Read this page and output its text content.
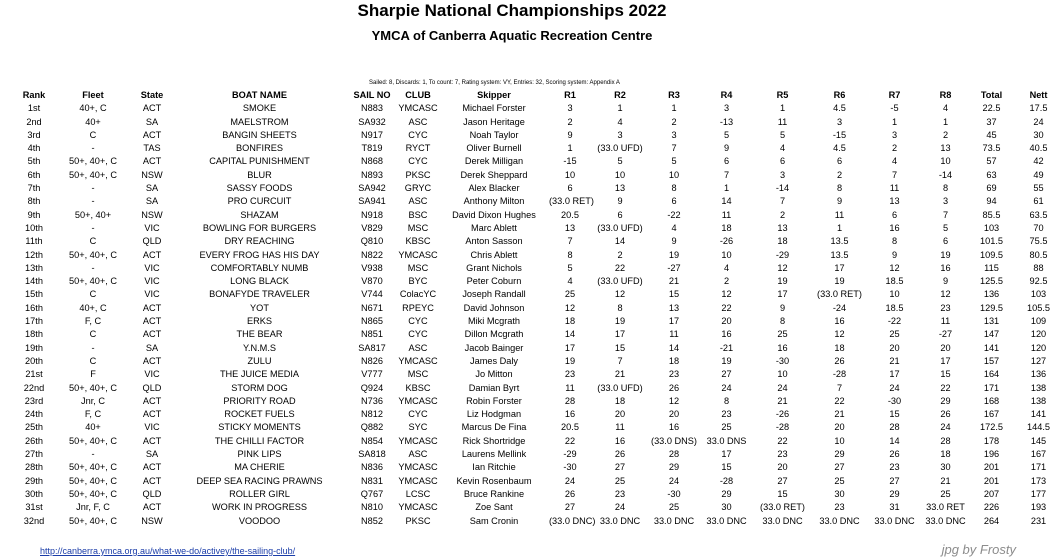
Sharpie National Championships 2022
YMCA of Canberra Aquatic Recreation Centre
Sailed: 8, Discards: 1, To count: 7, Rating system: VY, Entries: 32, Scoring system: Appendix A
Rank	Fleet	State	BOAT NAME	SAIL NO	CLUB	Skipper	R1	R2	R3	R4	R5	R6	R7	R8	Total	Nett
1st	40+, C	ACT	SMOKE	N883	YMCASC	Michael Forster	3	1	1	3	1	4.5	-5	4	22.5	17.5
2nd	40+	SA	MAELSTROM	SA932	ASC	Jason Heritage	2	4	2	-13	11	3	1	1	37	24
3rd	C	ACT	BANGIN SHEETS	N917	CYC	Noah Taylor	9	3	3	5	5	-15	3	2	45	30
4th	-	TAS	BONFIRES	T819	RYCT	Oliver Burnell	1	(33.0 UFD)	7	9	4	4.5	2	13	73.5	40.5
5th	50+, 40+, C	ACT	CAPITAL PUNISHMENT	N868	CYC	Derek Milligan	-15	5	5	6	6	6	4	10	57	42
6th	50+, 40+, C	NSW	BLUR	N893	PKSC	Derek Sheppard	10	10	10	7	3	2	7	-14	63	49
7th	-	SA	SASSY FOODS	SA942	GRYC	Alex Blacker	6	13	8	1	-14	8	11	8	69	55
8th	-	SA	PRO CURCUIT	SA941	ASC	Anthony Milton	(33.0 RET)	9	6	14	7	9	13	3	94	61
9th	50+, 40+	NSW	SHAZAM	N918	BSC	David Dixon Hughes	20.5	6	-22	11	2	11	6	7	85.5	63.5
10th	-	VIC	BOWLING FOR BURGERS	V829	MSC	Marc Ablett	13	(33.0 UFD)	4	18	13	1	16	5	103	70
11th	C	QLD	DRY REACHING	Q810	KBSC	Anton Sasson	7	14	9	-26	18	13.5	8	6	101.5	75.5
12th	50+, 40+, C	ACT	EVERY FROG HAS HIS DAY	N822	YMCASC	Chris Ablett	8	2	19	10	-29	13.5	9	19	109.5	80.5
13th	-	VIC	COMFORTABLY NUMB	V938	MSC	Grant Nichols	5	22	-27	4	12	17	12	16	115	88
14th	50+, 40+, C	VIC	LONG BLACK	V870	BYC	Peter Coburn	4	(33.0 UFD)	21	2	19	19	18.5	9	125.5	92.5
15th	C	VIC	BONAFYDE TRAVELER	V744	ColacYC	Joseph Randall	25	12	15	12	17	(33.0 RET)	10	12	136	103
16th	40+, C	ACT	YOT	N671	RPEYC	David Johnson	12	8	13	22	9	-24	18.5	23	129.5	105.5
17th	F, C	ACT	ERKS	N865	CYC	Miki Mcgrath	18	19	17	20	8	16	-22	11	131	109
18th	C	ACT	THE BEAR	N851	CYC	Dillon Mcgrath	14	17	11	16	25	12	25	-27	147	120
19th	-	SA	Y.N.M.S	SA817	ASC	Jacob Bainger	17	15	14	-21	16	18	20	20	141	120
20th	C	ACT	ZULU	N826	YMCASC	James Daly	19	7	18	19	-30	26	21	17	157	127
21st	F	VIC	THE JUICE MEDIA	V777	MSC	Jo Mitton	23	21	23	27	10	-28	17	15	164	136
22nd	50+, 40+, C	QLD	STORM DOG	Q924	KBSC	Damian Byrt	11	(33.0 UFD)	26	24	24	7	24	22	171	138
23rd	Jnr, C	ACT	PRIORITY ROAD	N736	YMCASC	Robin Forster	28	18	12	8	21	22	-30	29	168	138
24th	F, C	ACT	ROCKET FUELS	N812	CYC	Liz Hodgman	16	20	20	23	-26	21	15	26	167	141
25th	40+	VIC	STICKY MOMENTS	Q882	SYC	Marcus De Fina	20.5	11	16	25	-28	20	28	24	172.5	144.5
26th	50+, 40+, C	ACT	THE CHILLI FACTOR	N854	YMCASC	Rick Shortridge	22	16	(33.0 DNS)	33.0 DNS	22	10	14	28	178	145
27th	-	SA	PINK LIPS	SA818	ASC	Laurens Mellink	-29	26	28	17	23	29	26	18	196	167
28th	50+, 40+, C	ACT	MA CHERIE	N836	YMCASC	Ian Ritchie	-30	27	29	15	20	27	23	30	201	171
29th	50+, 40+, C	ACT	DEEP SEA RACING PRAWNS	N831	YMCASC	Kevin Rosenbaum	24	25	24	-28	27	25	27	21	201	173
30th	50+, 40+, C	QLD	ROLLER GIRL	Q767	LCSC	Bruce Rankine	26	23	-30	29	15	30	29	25	207	177
31st	Jnr, F, C	ACT	WORK IN PROGRESS	N810	YMCASC	Zoe Sant	27	24	25	30	(33.0 RET)	23	31	33.0 RET	226	193
32nd	50+, 40+, C	NSW	VOODOO	N852	PKSC	Sam Cronin	(33.0 DNC)	33.0 DNC	33.0 DNC	33.0 DNC	33.0 DNC	33.0 DNC	33.0 DNC	33.0 DNC	264	231
http://canberra.ymca.org.au/what-we-do/activey/the-sailing-club/	jpg by Frosty
